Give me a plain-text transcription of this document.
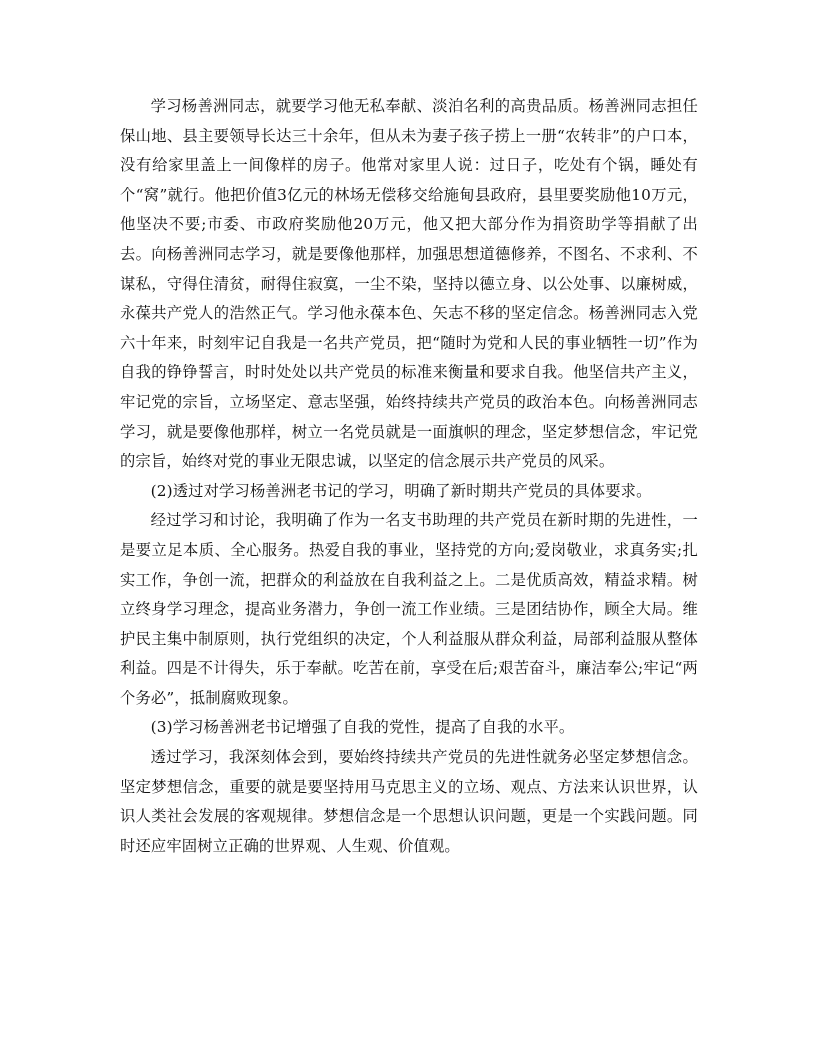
学习杨善洲同志，就要学习他无私奉献、淡泊名利的高贵品质。杨善洲同志担任保山地、县主要领导长达三十余年，但从未为妻子孩子捞上一册“农转非”的户口本，没有给家里盖上一间像样的房子。他常对家里人说：过日子，吃处有个锅，睡处有个“窝”就行。他把价值3亿元的林场无偿移交给施甸县政府，县里要奖励他10万元，他坚决不要;市委、市政府奖励他20万元，他又把大部分作为捐资助学等捐献了出去。向杨善洲同志学习，就是要像他那样，加强思想道德修养，不图名、不求利、不谋私，守得住清贫，耐得住寂寞，一尘不染，坚持以德立身、以公处事、以廉树威，永葆共产党人的浩然正气。学习他永葆本色、矢志不移的坚定信念。杨善洲同志入党六十年来，时刻牢记自我是一名共产党员，把“随时为党和人民的事业牺牲一切”作为自我的铮铮誓言，时时处处以共产党员的标准来衡量和要求自我。他坚信共产主义，牢记党的宗旨，立场坚定、意志坚强，始终持续共产党员的政治本色。向杨善洲同志学习，就是要像他那样，树立一名党员就是一面旗帜的理念，坚定梦想信念，牢记党的宗旨，始终对党的事业无限忠诚，以坚定的信念展示共产党员的风采。

(2)透过对学习杨善洲老书记的学习，明确了新时期共产党员的具体要求。

经过学习和讨论，我明确了作为一名支书助理的共产党员在新时期的先进性，一是要立足本质、全心服务。热爱自我的事业，坚持党的方向;爱岗敬业，求真务实;扎实工作，争创一流，把群众的利益放在自我利益之上。二是优质高效，精益求精。树立终身学习理念，提高业务潜力，争创一流工作业绩。三是团结协作，顾全大局。维护民主集中制原则，执行党组织的决定，个人利益服从群众利益，局部利益服从整体利益。四是不计得失，乐于奉献。吃苦在前，享受在后;艰苦奋斗，廉洁奉公;牢记“两个务必”，抵制腐败现象。

(3)学习杨善洲老书记增强了自我的党性，提高了自我的水平。

透过学习，我深刻体会到，要始终持续共产党员的先进性就务必坚定梦想信念。坚定梦想信念，重要的就是要坚持用马克思主义的立场、观点、方法来认识世界，认识人类社会发展的客观规律。梦想信念是一个思想认识问题，更是一个实践问题。同时还应牢固树立正确的世界观、人生观、价值观。
